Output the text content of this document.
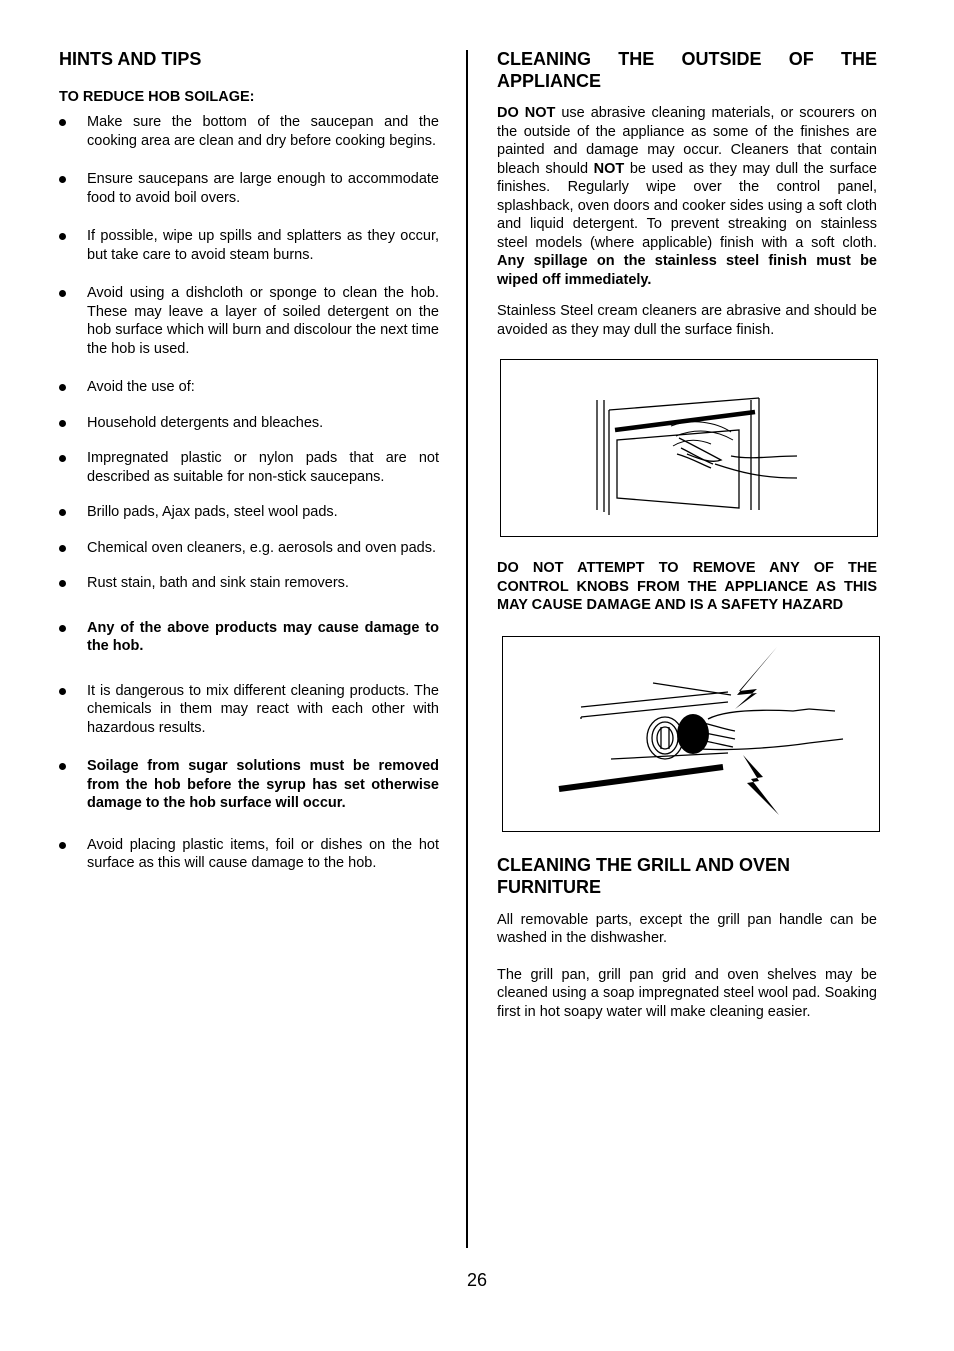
HINTS AND TIPS
TO REDUCE HOB SOILAGE:
Make sure the bottom of the saucepan and the cooking area are clean and dry before cooking begins.
Ensure saucepans are large enough to accommodate food to avoid boil overs.
If possible, wipe up spills and splatters as they occur, but take care to avoid steam burns.
Avoid using a dishcloth or sponge to clean the hob. These may leave a layer of soiled detergent on the hob surface which will burn and discolour the next time the hob is used.
Avoid the use of:
Household detergents and bleaches.
Impregnated plastic or nylon pads that are not described as suitable for non-stick saucepans.
Brillo pads, Ajax pads, steel wool pads.
Chemical oven cleaners, e.g. aerosols and oven pads.
Rust stain, bath and sink stain removers.
Any of the above products may cause damage to the hob.
It is dangerous to mix different cleaning products. The chemicals in them may react with each other with hazardous results.
Soilage from sugar solutions must be removed from the hob before the syrup has set otherwise damage to the hob surface will occur.
Avoid placing plastic items, foil or dishes on the hot surface as this will cause damage to the hob.
CLEANING THE OUTSIDE OF THE APPLIANCE

DO NOT use abrasive cleaning materials, or scourers on the outside of the appliance as some of the finishes are painted and damage may occur. Cleaners that contain bleach should NOT be used as they may dull the surface finishes. Regularly wipe over the control panel, splashback, oven doors and cooker sides using a soft cloth and liquid detergent. To prevent streaking on stainless steel models (where applicable) finish with a soft cloth. Any spillage on the stainless steel finish must be wiped off immediately.

Stainless Steel cream cleaners are abrasive and should be avoided as they may dull the surface finish.

DO NOT ATTEMPT TO REMOVE ANY OF THE CONTROL KNOBS FROM THE APPLIANCE AS THIS MAY CAUSE DAMAGE AND IS A SAFETY HAZARD
CLEANING THE GRILL AND OVEN FURNITURE

All removable parts, except the grill pan handle can be washed in the dishwasher.

The grill pan, grill pan grid and oven shelves may be cleaned using a soap impregnated steel wool pad. Soaking first in hot soapy water will make cleaning easier.

26
